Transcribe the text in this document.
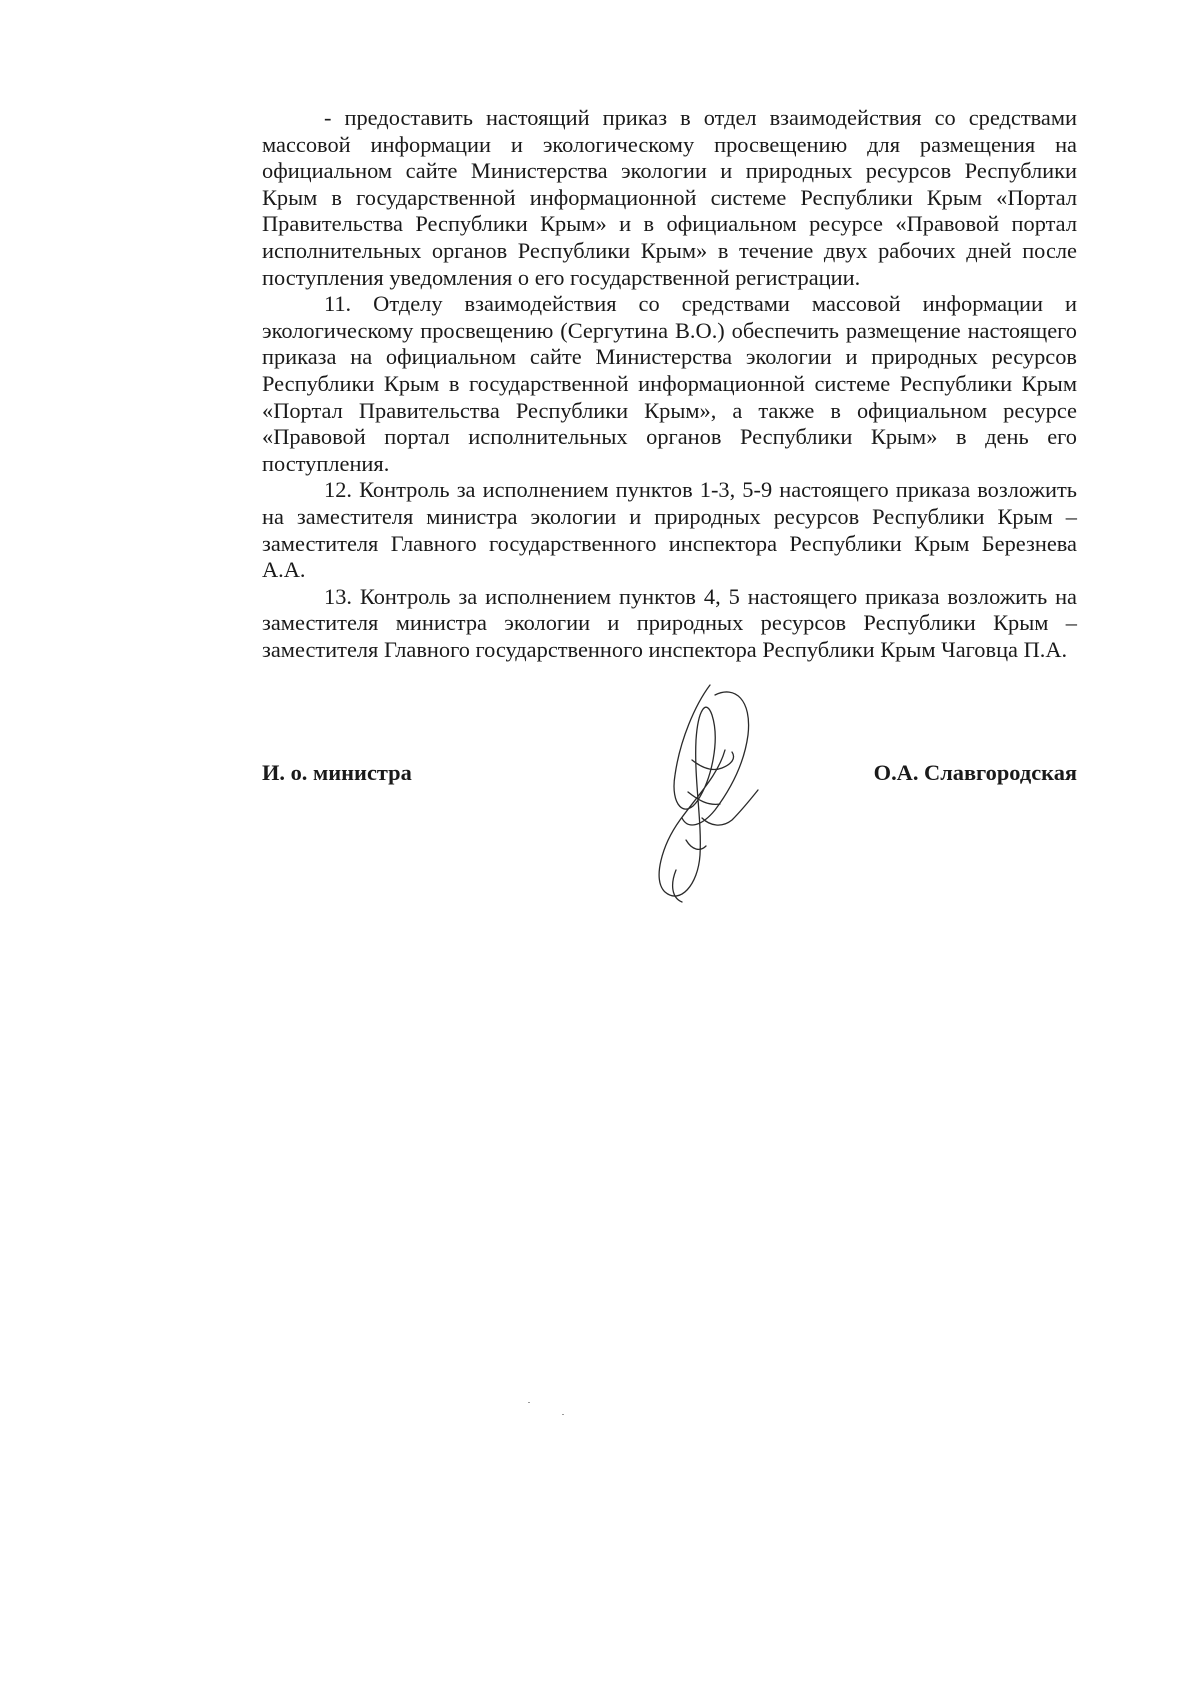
- предоставить настоящий приказ в отдел взаимодействия со средствами массовой информации и экологическому просвещению для размещения на официальном сайте Министерства экологии и природных ресурсов Республики Крым в государственной информационной системе Республики Крым «Портал Правительства Республики Крым» и в официальном ресурсе «Правовой портал исполнительных органов Республики Крым» в течение двух рабочих дней после поступления уведомления о его государственной регистрации.

11. Отделу взаимодействия со средствами массовой информации и экологическому просвещению (Сергутина В.О.) обеспечить размещение настоящего приказа на официальном сайте Министерства экологии и природных ресурсов Республики Крым в государственной информационной системе Республики Крым «Портал Правительства Республики Крым», а также в официальном ресурсе «Правовой портал исполнительных органов Республики Крым» в день его поступления.

12. Контроль за исполнением пунктов 1-3, 5-9 настоящего приказа возложить на заместителя министра экологии и природных ресурсов Республики Крым – заместителя Главного государственного инспектора Республики Крым Березнева А.А.

13. Контроль за исполнением пунктов 4, 5 настоящего приказа возложить на заместителя министра экологии и природных ресурсов Республики Крым – заместителя Главного государственного инспектора Республики Крым Чаговца П.А.

И. о. министра	О.А. Славгородская
